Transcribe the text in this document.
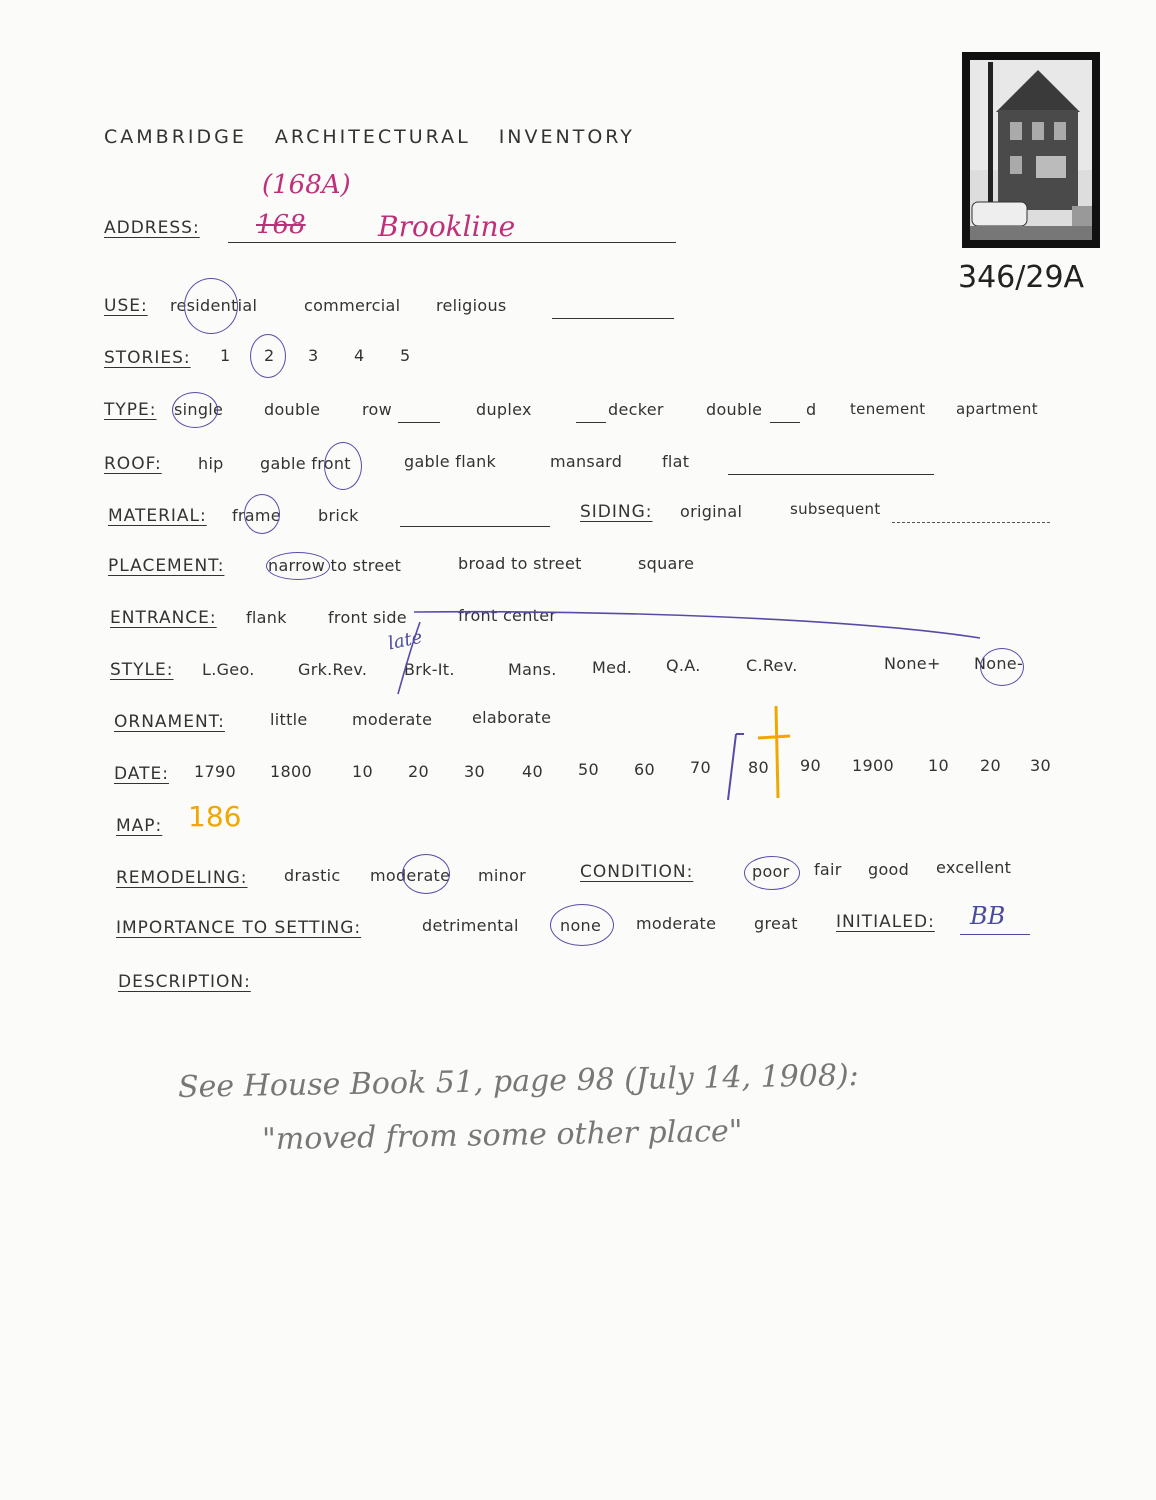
CAMBRIDGE ARCHITECTURAL INVENTORY
346/29A
(168A)
ADDRESS: 168	Brookline
USE: residential	commercial religious
STORIES: 1 2 3 4 5
TYPE: single	double	row	duplex	decker	double	d tenement apartment
ROOF: hip gable front	gable flank	mansard flat
MATERIAL: frame brick	SIDING: original	subsequent
PLACEMENT:	narrow to street	broad to street	square
ENTRANCE: flank	front side	front center
STYLE: L.Geo.	Grk.Rev. Brk-It.	Mans. Med. Q.A.	C.Rev.	None+ None-
late
ORNAMENT:	little	moderate elaborate
DATE: 1790 1800	10 20 30 40 50 60 70 80 90 1900 10 20 30
MAP: 186
REMODELING: drastic moderate minor	CONDITION:	poor fair good excellent
IMPORTANCE TO SETTING:	detrimental	none moderate great INITIALED: BB
DESCRIPTION:
See House Book 51, page 98 (July 14, 1908):
"moved from some other place"
